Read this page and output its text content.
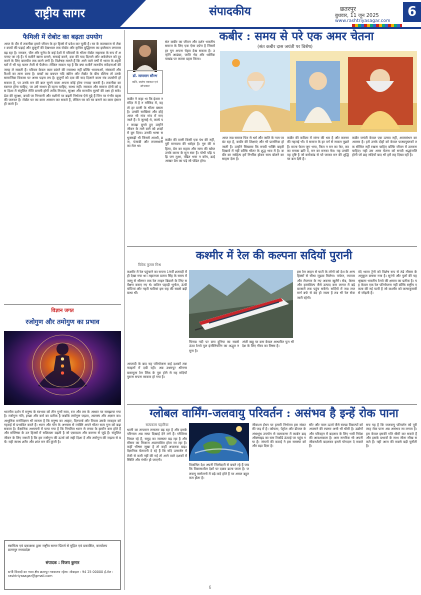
राष्ट्रीय सागर	संपादकीय	छतरपुर
बुधवार, 11 जून 2025
www.rashtriyasagar.com
6
फैमिली में रोबोट का बढ़ता उपयोग
आज के दौर में तकनीक हमारे जीवन के हर हिस्से में प्रवेश कर चुकी है। घर के कामकाज से लेकर बच्चों की पढ़ाई और बुजुर्गों की देखभाल तक रोबोट और कृत्रिम बुद्धिमत्ता का इस्तेमाल लगातार बढ़ रहा है। जापान, चीन और यूरोप के कई देशों में परिवारों के भीतर रोबोट सहायक के रूप में अपनाए जा रहे हैं। ये मशीनें खाना बनाने, सफाई करने, दवा की याद दिलाने और अकेलेपन को दूर करने के लिए बातचीत तक करने लगी हैं। विशेषज्ञ मानते हैं कि आने वाले वर्षों में भारत के शहरी घरों में भी यह चलन तेजी से फैलेगा। लेकिन सवाल यह है कि क्या मशीनें मानवीय संवेदनाओं की जगह ले सकती हैं। परिवार केवल काम बांटने की व्यवस्था नहीं बल्कि भावनाओं, संस्कारों और रिश्तों का ताना बाना है। बच्चों का बचपन यदि स्क्रीन और रोबोट के बीच बीतेगा तो उनके सामाजिक विकास पर असर पड़ना तय है। बुजुर्गों को दवा की याद दिलाने वाला यंत्र उपयोगी हो सकता है, पर उनके मन की बात सुनने वाला अपना कोई होना ज्यादा जरूरी है। तकनीक का स्वागत होना चाहिए, पर उसे साधन ही रहना चाहिए, साध्य नहीं। सरकार और समाज दोनों को इस दिशा में संतुलित नीति बनानी होगी ताकि निजता, सुरक्षा और मानवीय मूल्यों की रक्षा हो सके। डेटा की सुरक्षा, बच्चों पर निगरानी और मशीनों पर बढ़ती निर्भरता ऐसे मुद्दे हैं जिन पर गंभीर बहस की जरूरत है। रोबोट घर का काम आसान कर सकते हैं, लेकिन घर को घर बनाने का काम इंसान ही करते हैं।
विज्ञान जगत
रजोगुण और तमोगुण का प्रभाव
भारतीय दर्शन में मनुष्य के स्वभाव को तीन गुणों सत्व, रज और तम के आधार पर समझाया गया है। रजोगुण गति, इच्छा और कर्म का प्रतीक है जबकि तमोगुण जड़ता, आलस्य और अज्ञान का। आधुनिक मनोविज्ञान भी मानता है कि मनुष्य का आहार, दिनचर्या और विचार उसके व्यवहार को गहराई से प्रभावित करते हैं। ध्यान और योग के अभ्यास से व्यक्ति अपने भीतर सत्व गुण को बढ़ा सकता है। वैज्ञानिक अध्ययनों में पाया गया है कि नियमित ध्यान से तनाव के हार्मोन कम होते हैं और मस्तिष्क के उन हिस्सों में सक्रियता बढ़ती है जो एकाग्रता और करुणा से जुड़े हैं। संतुलित जीवन के लिए जरूरी है कि हम रजोगुण की ऊर्जा को सही दिशा दें और तमोगुण की जड़ता से बचें। यही स्वस्थ शरीर और शांत मन की कुंजी है।
स्वामित्व एवं प्रकाशक द्वारा राष्ट्रीय सागर प्रिंटर्स से मुद्रित एवं प्रकाशित, कार्यालय छतरपुर मध्यप्रदेश
संपादक : विजय कुमार
सभी विवादों का न्याय क्षेत्र छतरपुर न्यायालय रहेगा। मोबाइल : 94 25 00000 ई-मेल : rashtriyasagar@gmail.com
डॉ. सत्यवान सौरभ
कवि, स्वतंत्र पत्रकार एवं स्तंभकार
संत कबीर का जीवन और दर्शन भारतीय समाज के लिए एक ऐसा दर्पण है जिसमें हर युग अपना चेहरा देख सकता है। उन्होंने आडंबर, जाति भेद और धार्मिक पाखंड पर करारा प्रहार किया।
कबीर : समय से परे एक अमर चेतना
(संत कबीर दास जयंती पर विशेष)
कबीर ने कहा था कि ईश्वर न मंदिर में है न मस्जिद में, वह तो हर प्राणी के भीतर बसता है। उनकी साखियां और दोहे आज भी गांव गांव में गाए जाते हैं। वे जुलाहे थे, करघे पर कपड़ा बुनते हुए उन्होंने जीवन के ताने बाने को शब्दों में बुन दिया। उनकी भाषा सधुक्कड़ी थी जिसमें अवधी, ब्रज, पंजाबी और राजस्थानी का मेल था।
कबीर की वाणी किसी एक पंथ की नहीं, पूरी मानवता की धरोहर है। गुरु की महिमा, प्रेम का महत्व और सत्य की खोज उनके काव्य के मूल स्वर हैं। पोथी पढ़ि पढ़ि जग मुआ, पंडित भया न कोय, ढाई आखर प्रेम का पढ़े सो पंडित होय।
आज जब समाज फिर से धर्म और जाति के नाम पर बंट रहा है, कबीर की शिक्षाएं और भी प्रासंगिक हो जाती हैं। उन्होंने सिखाया कि सच्ची भक्ति बाहरी दिखावे में नहीं बल्कि भीतर के शुद्ध भाव में है। कबीर का साहित्य हमें निर्भीक होकर सत्य बोलने का साहस देता है।
कबीर की कविता में व्यंग्य की धार है और करुणा की गहराई भी। वे समाज के हर वर्ग से सवाल पूछते हैं। माला फेरत जुग भया, फिरा न मन का फेर, कर का मनका डारि दे, मन का मनका फेर। यह उनकी वह दृष्टि है जो कर्मकांड से परे जाकर मन की शुद्धि पर बल देती है।
कबीर जयंती केवल एक उत्सव नहीं, आत्ममंथन का अवसर है। हमें उनके दोहों को केवल पाठ्यपुस्तकों तक सीमित नहीं रखना चाहिए बल्कि जीवन में उतारना चाहिए। यही उस अमर चेतना को सच्ची श्रद्धांजलि होगी जो छह सदियों बाद भी हमें राह दिखा रही है।
कश्मीर में रेल की कल्पना सदियों पुरानी
विवेक कुमार मिश्र
कश्मीर में रेल पहुंचाने का सपना 19वीं शताब्दी में ही देखा गया था। महाराजा प्रताप सिंह के समय में जम्मू से श्रीनगर तक रेल लाइन बिछाने के लिए सर्वेक्षण कराए गए थे। कठिन पहाड़ी भूगोल, ऊंची चोटियां और गहरी घाटियां इस राह की सबसे बड़ी बाधा थीं।
आजादी के बाद यह परियोजना कई दशकों तक फाइलों में दबी रही। अब उधमपुर श्रीनगर बारामूला रेल लिंक के पूरा होने से यह सदियों पुराना सपना साकार हो गया है।
चिनाब नदी पर बना दुनिया का सबसे ऊंचा रेलवे पुल इंजीनियरिंग का अद्भुत नमूना है।
अंजी खड्ड पर बना केबल आधारित पुल भी देश के लिए गौरव का विषय है।
इस रेल लाइन से घाटी के लोगों को देश के अन्य हिस्सों से सीधा जुड़ाव मिलेगा। पर्यटन, व्यापार और रोजगार के नए अवसर खुलेंगे। सेब, केसर और हस्तशिल्प जैसे उत्पाद कम लागत में बड़े बाजारों तक पहुंच सकेंगे। सर्दियों में जब राजमार्ग बर्फ से बंद हो जाता है तब भी रेल सेवा जारी रहेगी।
वंदे भारत ट्रेनों को विशेष रूप से ठंडे मौसम के अनुकूल बनाया गया है। सुरंगों और पुलों की यह श्रृंखला भारतीय रेलवे की क्षमता का प्रतीक है। यह केवल एक रेल परियोजना नहीं बल्कि राष्ट्रीय एकता की नई पटरी है जो कश्मीर को कन्याकुमारी से जोड़ती है।
ग्लोबल वार्मिंग-जलवायु परिवर्तन : असंभव है इन्हें रोक पाना
सत्यकाम पहारिया
धरती का तापमान लगातार बढ़ रहा है और इसके परिणाम अब साफ दिखाई देने लगे हैं। ग्लेशियर पिघल रहे हैं, समुद्र का जलस्तर बढ़ रहा है और मौसम का मिजाज अप्रत्याशित होता जा रहा है। कहीं भीषण सूखा है तो कहीं अचानक बाढ़। वैज्ञानिक चेतावनी दे रहे हैं कि यदि उत्सर्जन में तेजी से कमी नहीं की गई तो आने वाले दशकों में स्थिति और गंभीर हो जाएगी।
विकसित देश अपनी जिम्मेदारी से बचते रहे हैं जबकि विकासशील देशों पर दबाव डाला जाता है। जलवायु सम्मेलनों में बड़े वादे होते हैं पर अमल बहुत कम होता है।
जीवाश्म ईंधन पर हमारी निर्भरता इस संकट की जड़ में है। कोयला, पेट्रोल और डीजल के अंधाधुंध उपयोग से वातावरण में कार्बन डाइऑक्साइड का स्तर रिकॉर्ड ऊंचाई पर पहुंच गया है। जंगलों की कटाई ने इस समस्या को और बढ़ा दिया है।
सौर और पवन ऊर्जा जैसे स्वच्छ विकल्पों को अपनाने की रफ्तार अभी भी धीमी है। उद्योगों और परिवहन में बदलाव के लिए भारी निवेश की आवश्यकता है। आम नागरिक भी अपनी जीवनशैली बदलकर इसमें योगदान दे सकते हैं।
सच यह है कि जलवायु परिवर्तन को पूरी तरह रोक पाना अब असंभव सा लगता है। हम केवल इसकी गति धीमी कर सकते हैं और इसके प्रभावों के साथ जीना सीख सकते हैं। यही आज की सबसे बड़ी चुनौती है।
6
